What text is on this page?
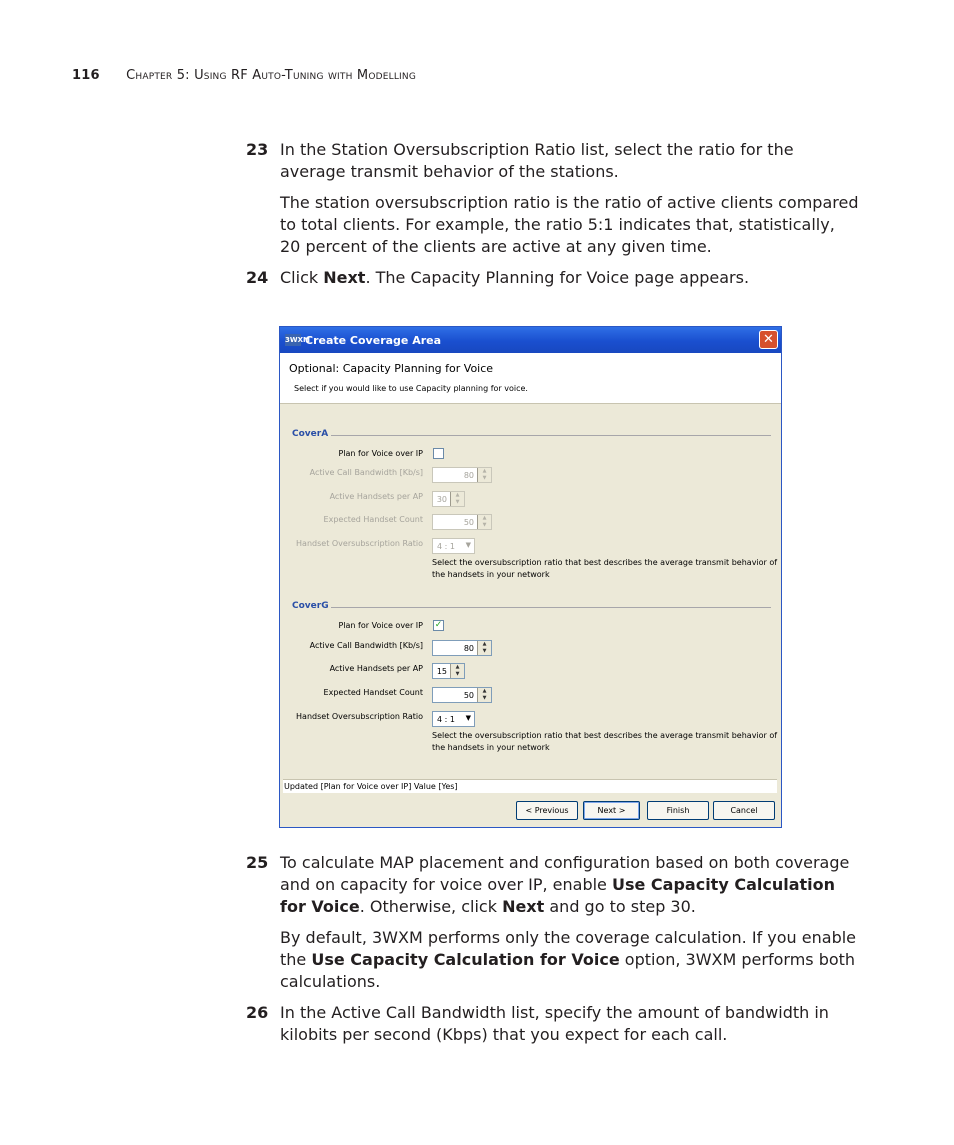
116 Chapter 5: Using RF Auto-Tuning with Modelling
23 In the Station Oversubscription Ratio list, select the ratio for the average transmit behavior of the stations.
The station oversubscription ratio is the ratio of active clients compared to total clients. For example, the ratio 5:1 indicates that, statistically, 20 percent of the clients are active at any given time.
24 Click Next. The Capacity Planning for Voice page appears.
3WXM
Create Coverage Area	✕
Optional: Capacity Planning for Voice
Select if you would like to use Capacity planning for voice.
CoverA
Plan for Voice over IP
Active Call Bandwidth [Kb/s]	80	▲
▼
Active Handsets per AP 30	▲
▼
Expected Handset Count	50	▲
▼
Handset Oversubscription Ratio 4 : 1 ▼
Select the oversubscription ratio that best describes the average transmit behavior of the handsets in your network
CoverG
Plan for Voice over IP ✓
Active Call Bandwidth [Kb/s]	80	▲
▼
Active Handsets per AP 15	▲
▼
Expected Handset Count	50	▲
▼
Handset Oversubscription Ratio 4 : 1 ▼
Select the oversubscription ratio that best describes the average transmit behavior of the handsets in your network
Updated [Plan for Voice over IP] Value [Yes]
< Previous	Next >	Finish	Cancel
25 To calculate MAP placement and configuration based on both coverage and on capacity for voice over IP, enable Use Capacity Calculation for Voice. Otherwise, click Next and go to step 30.
By default, 3WXM performs only the coverage calculation. If you enable the Use Capacity Calculation for Voice option, 3WXM performs both calculations.
26 In the Active Call Bandwidth list, specify the amount of bandwidth in kilobits per second (Kbps) that you expect for each call.
